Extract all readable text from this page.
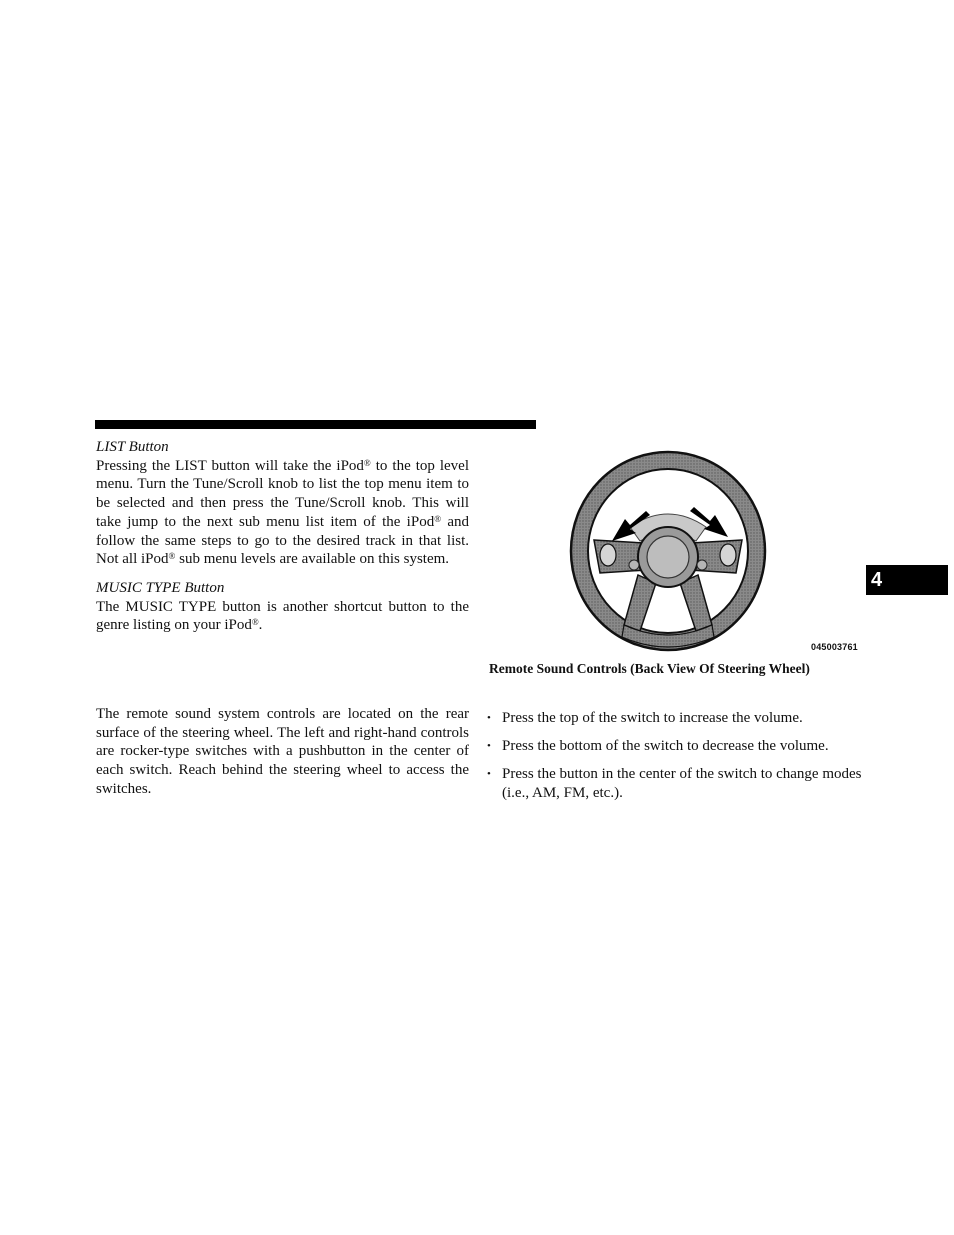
LIST Button

Pressing the LIST button will take the iPod® to the top level menu. Turn the Tune/Scroll knob to list the top menu item to be selected and then press the Tune/Scroll knob. This will take jump to the next sub menu list item of the iPod® and follow the same steps to go to the desired track in that list. Not all iPod® sub menu levels are available on this system.

MUSIC TYPE Button

The MUSIC TYPE button is another shortcut button to the genre listing on your iPod®.

The remote sound system controls are located on the rear surface of the steering wheel. The left and right-hand controls are rocker-type switches with a pushbutton in the center of each switch. Reach behind the steering wheel to access the switches.

045003761
Remote Sound Controls (Back View Of Steering Wheel)
• Press the top of the switch to increase the volume.
• Press the bottom of the switch to decrease the volume.
• Press the button in the center of the switch to change modes (i.e., AM, FM, etc.).
4
